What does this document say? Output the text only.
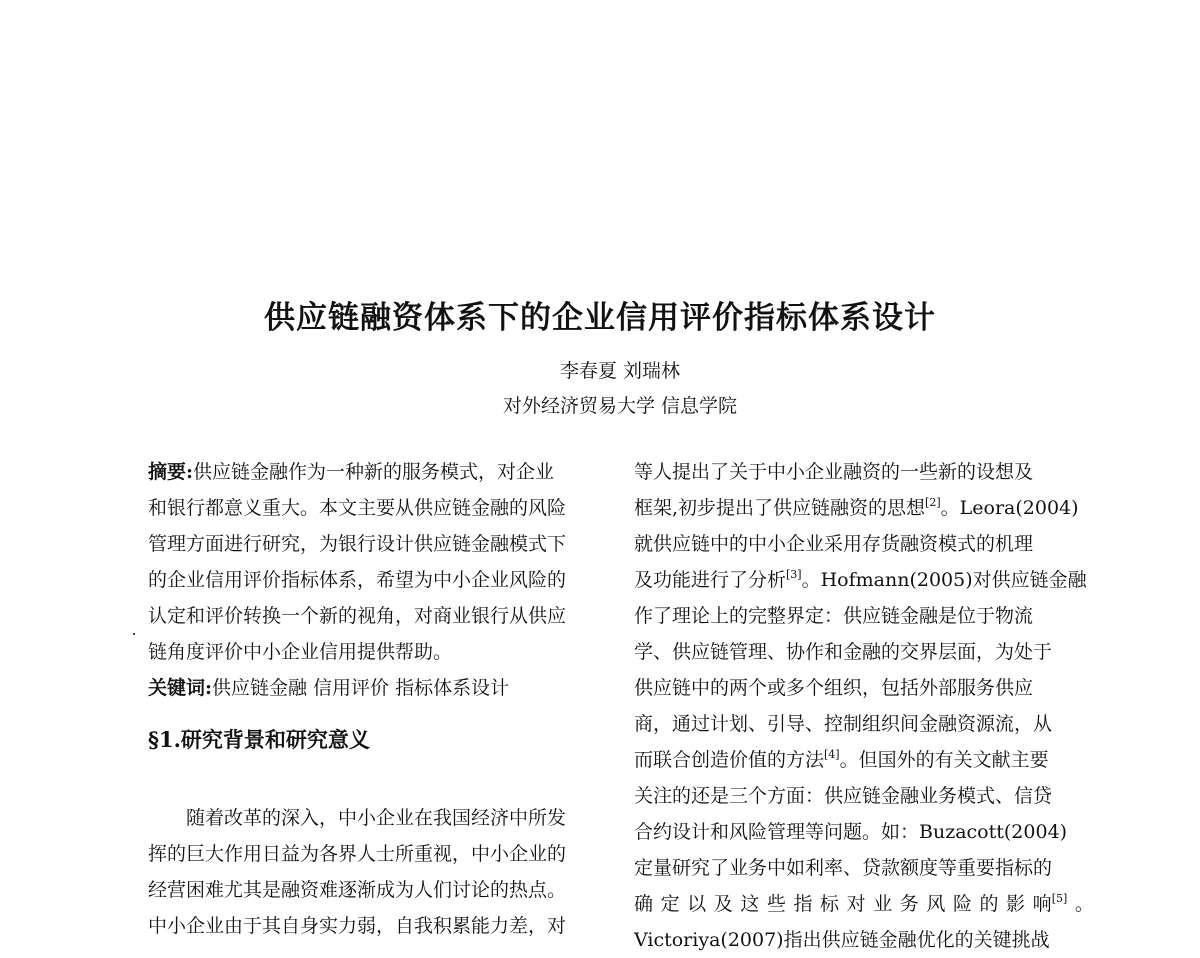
供应链融资体系下的企业信用评价指标体系设计
李春夏 刘瑞林
对外经济贸易大学 信息学院
摘要:供应链金融作为一种新的服务模式，对企业
和银行都意义重大。本文主要从供应链金融的风险
管理方面进行研究，为银行设计供应链金融模式下
的企业信用评价指标体系，希望为中小企业风险的
认定和评价转换一个新的视角，对商业银行从供应
链角度评价中小企业信用提供帮助。
关键词:供应链金融 信用评价 指标体系设计
§1.研究背景和研究意义
随着改革的深入，中小企业在我国经济中所发
挥的巨大作用日益为各界人士所重视，中小企业的
经营困难尤其是融资难逐渐成为人们讨论的热点。
中小企业由于其自身实力弱，自我积累能力差，对
等人提出了关于中小企业融资的一些新的设想及
框架,初步提出了供应链融资的思想[2]。Leora(2004)
就供应链中的中小企业采用存货融资模式的机理
及功能进行了分析[3]。Hofmann(2005)对供应链金融
作了理论上的完整界定：供应链金融是位于物流
学、供应链管理、协作和金融的交界层面，为处于
供应链中的两个或多个组织，包括外部服务供应
商，通过计划、引导、控制组织间金融资源流，从
而联合创造价值的方法[4]。但国外的有关文献主要
关注的还是三个方面：供应链金融业务模式、信贷
合约设计和风险管理等问题。如：Buzacott(2004)
定量研究了业务中如利率、贷款额度等重要指标的
确 定 以 及 这 些 指 标 对 业 务 风 险 的 影 响[5] 。
Victoriya(2007)指出供应链金融优化的关键挑战
